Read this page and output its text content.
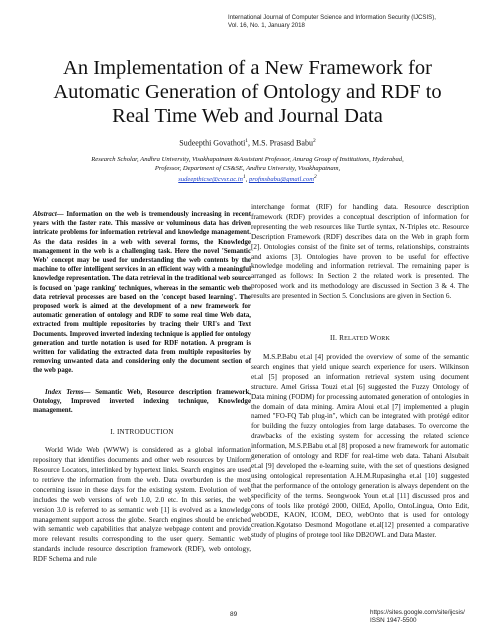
International Journal of Computer Science and Information Security (IJCSIS),
Vol. 16, No. 1, January 2018
An Implementation of a New Framework for
Automatic Generation of Ontology and RDF to
Real Time Web and Journal Data
Sudeepthi Govathoti$^1$, M.S. Prasasd Babu$^2$
Research Scholar, Andhra University, Visakhapatnam &Assistant Professor, Anurag Group of Institutions, Hyderabad,
Professor, Department of CS&SE, Andhra University, Visakhapatnam,
$sudeepthicse@cvsr.ac.in^1$, profmsbabu@gmail.com$^2$
Abstract— Information on the web is tremendously increasing in recent years with the faster rate. This massive or voluminous data has driven intricate problems for information retrieval and knowledge management. As the data resides in a web with several forms, the Knowledge management in the web is a challenging task. Here the novel 'Semantic Web' concept may be used for understanding the web contents by the machine to offer intelligent services in an efficient way with a meaningful knowledge representation. The data retrieval in the traditional web source is focused on 'page ranking' techniques, whereas in the semantic web the data retrieval processes are based on the 'concept based learning'. The proposed work is aimed at the development of a new framework for automatic generation of ontology and RDF to some real time Web data, extracted from multiple repositories by tracing their URI's and Text Documents. Improved inverted indexing technique is applied for ontology generation and turtle notation is used for RDF notation. A program is written for validating the extracted data from multiple repositories by removing unwanted data and considering only the document section of the web page.
Index Terms— Semantic Web, Resource description framework, Ontology, Improved inverted indexing technique, Knowledge management.
I. INTRODUCTION

World Wide Web (WWW) is considered as a global information repository that identifies documents and other web resources by Uniform Resource Locators, interlinked by hypertext links. Search engines are used to retrieve the information from the web. Data overburden is the most concerning issue in these days for the existing system. Evolution of web includes the web versions of web 1.0, 2.0 etc. In this series, the web version 3.0 is referred to as semantic web [1] is evolved as a knowledge management support across the globe. Search engines should be enriched with semantic web capabilities that analyze webpage content and provide more relevant results corresponding to the user query. Semantic web standards include resource description framework (RDF), web ontology, RDF Schema and rule

interchange format (RIF) for handling data. Resource description framework (RDF) provides a conceptual description of information for representing the web resources like Turtle syntax, N-Triples etc. Resource Description Framework (RDF) describes data on the Web in graph form [2]. Ontologies consist of the finite set of terms, relationships, constraints and axioms [3]. Ontologies have proven to be useful for effective knowledge modeling and information retrieval. The remaining paper is arranged as follows: In Section 2 the related work is presented. The proposed work and its methodology are discussed in Section 3 & 4. The results are presented in Section 5. Conclusions are given in Section 6.

II. RELATED WORK

M.S.P.Babu et.al [4] provided the overview of some of the semantic search engines that yield unique search experience for users. Wilkinson et.al [5] proposed an information retrieval system using document structure. Amel Grissa Touzi et.al [6] suggested the Fuzzy Ontology of Data mining (FODM) for processing automated generation of ontologies in the domain of data mining. Amira Aloui et.al [7] implemented a plugin named "FO-FQ Tab plug-in", which can be integrated with protégé editor for building the fuzzy ontologies from large databases. To overcome the drawbacks of the existing system for accessing the related science information, M.S.P.Babu et.al [8] proposed a new framework for automatic generation of ontology and RDF for real-time web data. Tahani Alsubait et.al [9] developed the e-learning suite, with the set of questions designed using ontological representation A.H.M.Rupasingha et.al [10] suggested that the performance of the ontology generation is always dependent on the specificity of the terms. Seongwook Youn et.al [11] discussed pros and cons of tools like protégé 2000, OilEd, Apollo, OntoLingua, Onto Edit, webODE, KAON, ICOM, DEO, webOnto that is used for ontology creation.Kgotatso Desmond Mogotlane et.al[12] presented a comparative study of plugins of protege tool like DB2OWL and Data Master.

89	https://sites.google.com/site/ijcsis/
ISSN 1947-5500
